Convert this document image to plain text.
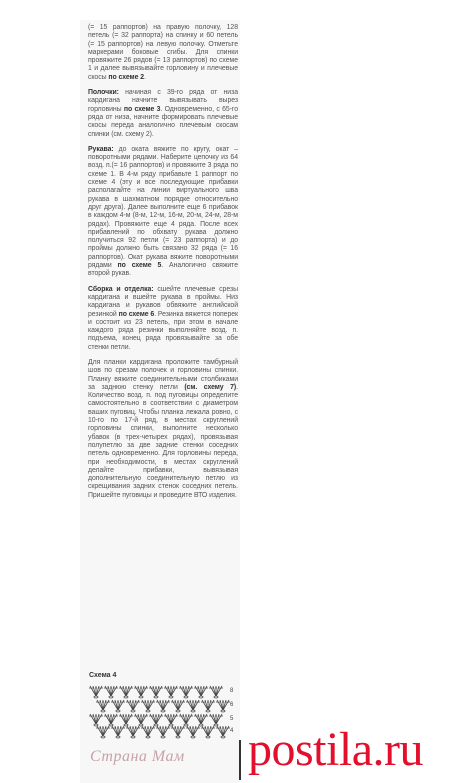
(= 15 раппортов) на правую полочку, 128 петель (= 32 раппорта) на спинку и 60 петель (= 15 раппортов) на левую полочку. Отметьте маркерами боковые сгибы. Для спинки провяжите 26 рядов (= 13 раппортов) по схеме 1 и далее вывязывайте горловину и плечевые скосы по схеме 2.

Полочки: начиная с 39-го ряда от низа кардигана начните вывязывать вырез горловины по схеме 3. Одновременно, с 65-го ряда от низа, начните формировать плечевые скосы переда аналогично плечевым скосам спинки (см. схему 2).

Рукава: до оката вяжите по кругу, окат – поворотными рядами. Наберите цепочку из 64 возд. п.(= 16 раппортов) и провяжите 3 ряда по схеме 1. В 4-м ряду прибавьте 1 раппорт по схеме 4 (эту и все последующие прибавки располагайте на линии виртуального шва рукава в шахматном порядке относительно друг друга). Далее выполните еще 6 прибавок в каждом 4-м (8-м, 12-м, 16-м, 20-м, 24-м, 28-м рядах). Провяжите еще 4 ряда. После всех прибавлений по обхвату рукава должно получиться 92 петли (= 23 раппорта) и до проймы должно быть связано 32 ряда (= 16 раппортов). Окат рукава вяжите поворотными рядами по схеме 5. Аналогично свяжите второй рукав.

Сборка и отделка: сшейте плечевые срезы кардигана и вшейте рукава в проймы. Низ кардигана и рукавов обвяжите английской резинкой по схеме 6. Резинка вяжется поперек и состоит из 23 петель, при этом в начале каждого ряда резинки выполняйте возд. п. подъема, конец ряда провязывайте за обе стенки петли.

Для планки кардигана проложите тамбурный шов по срезам полочек и горловины спинки. Планку вяжите соединительными столбиками за заднюю стенку петли (см. схему 7). Количество возд. п. под пуговицы определите самостоятельно в соответствии с диаметром ваших пуговиц. Чтобы планка лежала ровно, с 10-го по 17-й ряд, в местах скруглений горловины спинки, выполните несколько убавок (в трех-четырех рядах), провязывая полупетлю за две задние стенки соседних петель одновременно. Для горловины переда, при необходимости, в местах скруглений делайте прибавки, вывязывая дополнительную соединительную петлю из скрещивания задних стенок соседних петель. Пришейте пуговицы и проведите ВТО изделия.

Схема 4
8
6
5
4
Страна Мам postila.ru
